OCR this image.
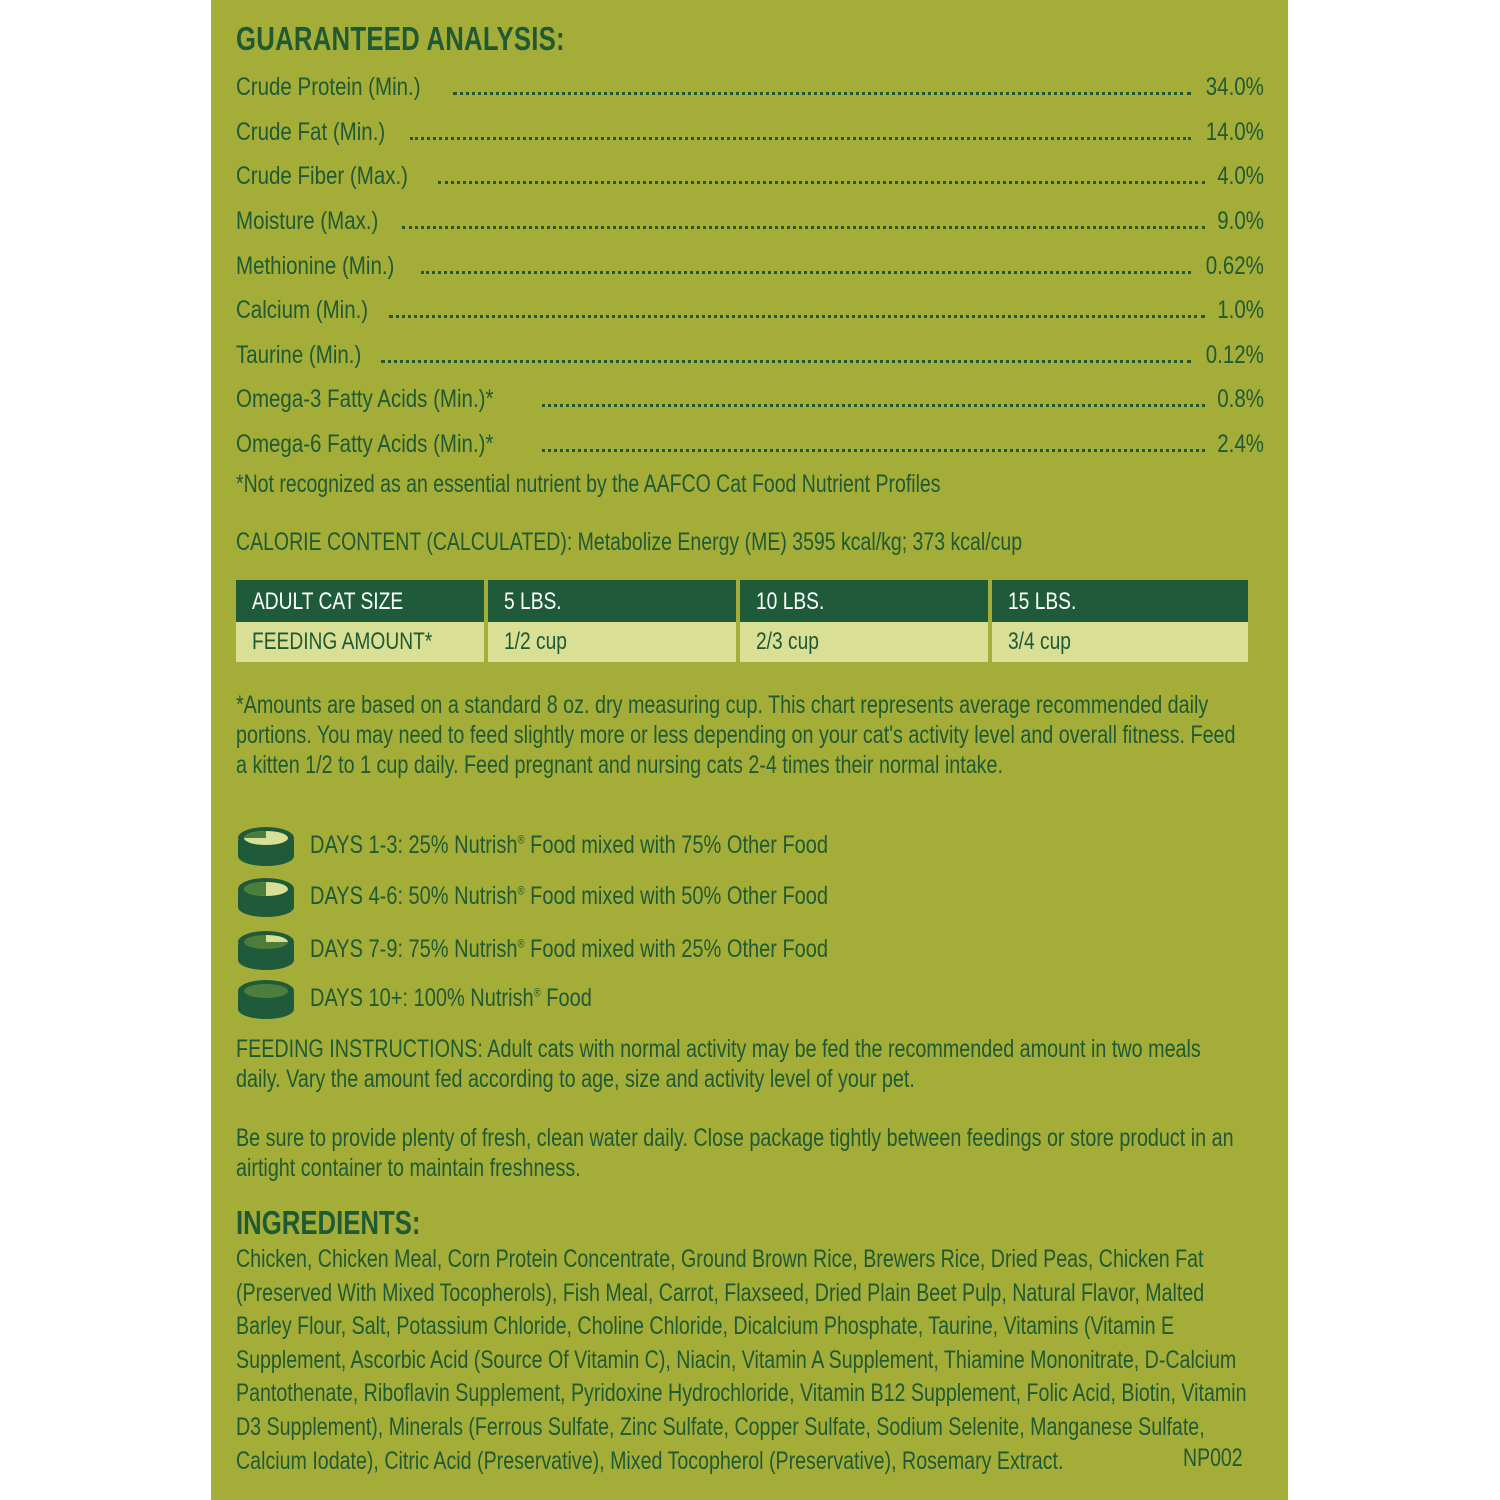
GUARANTEED ANALYSIS:
Crude Protein (Min.)	34.0%
Crude Fat (Min.)	14.0%
Crude Fiber (Max.)	4.0%
Moisture (Max.)	9.0%
Methionine (Min.)	0.62%
Calcium (Min.)	1.0%
Taurine (Min.)	0.12%
Omega-3 Fatty Acids (Min.)*	0.8%
Omega-6 Fatty Acids (Min.)*	2.4%
*Not recognized as an essential nutrient by the AAFCO Cat Food Nutrient Profiles
CALORIE CONTENT (CALCULATED): Metabolize Energy (ME) 3595 kcal/kg; 373 kcal/cup
ADULT CAT SIZE	5 LBS.	10 LBS.	15 LBS.
FEEDING AMOUNT*	1/2 cup	2/3 cup	3/4 cup
*Amounts are based on a standard 8 oz. dry measuring cup. This chart represents average recommended daily portions. You may need to feed slightly more or less depending on your cat's activity level and overall fitness. Feed a kitten 1/2 to 1 cup daily. Feed pregnant and nursing cats 2-4 times their normal intake.
DAYS 1-3: 25% Nutrish® Food mixed with 75% Other Food
DAYS 4-6: 50% Nutrish® Food mixed with 50% Other Food
DAYS 7-9: 75% Nutrish® Food mixed with 25% Other Food
DAYS 10+: 100% Nutrish® Food
FEEDING INSTRUCTIONS: Adult cats with normal activity may be fed the recommended amount in two meals daily. Vary the amount fed according to age, size and activity level of your pet.
Be sure to provide plenty of fresh, clean water daily. Close package tightly between feedings or store product in an airtight container to maintain freshness.
INGREDIENTS:
Chicken, Chicken Meal, Corn Protein Concentrate, Ground Brown Rice, Brewers Rice, Dried Peas, Chicken Fat (Preserved With Mixed Tocopherols), Fish Meal, Carrot, Flaxseed, Dried Plain Beet Pulp, Natural Flavor, Malted Barley Flour, Salt, Potassium Chloride, Choline Chloride, Dicalcium Phosphate, Taurine, Vitamins (Vitamin E Supplement, Ascorbic Acid (Source Of Vitamin C), Niacin, Vitamin A Supplement, Thiamine Mononitrate, D-Calcium Pantothenate, Riboflavin Supplement, Pyridoxine Hydrochloride, Vitamin B12 Supplement, Folic Acid, Biotin, Vitamin D3 Supplement), Minerals (Ferrous Sulfate, Zinc Sulfate, Copper Sulfate, Sodium Selenite, Manganese Sulfate, Calcium Iodate), Citric Acid (Preservative), Mixed Tocopherol (Preservative), Rosemary Extract.	NP002
